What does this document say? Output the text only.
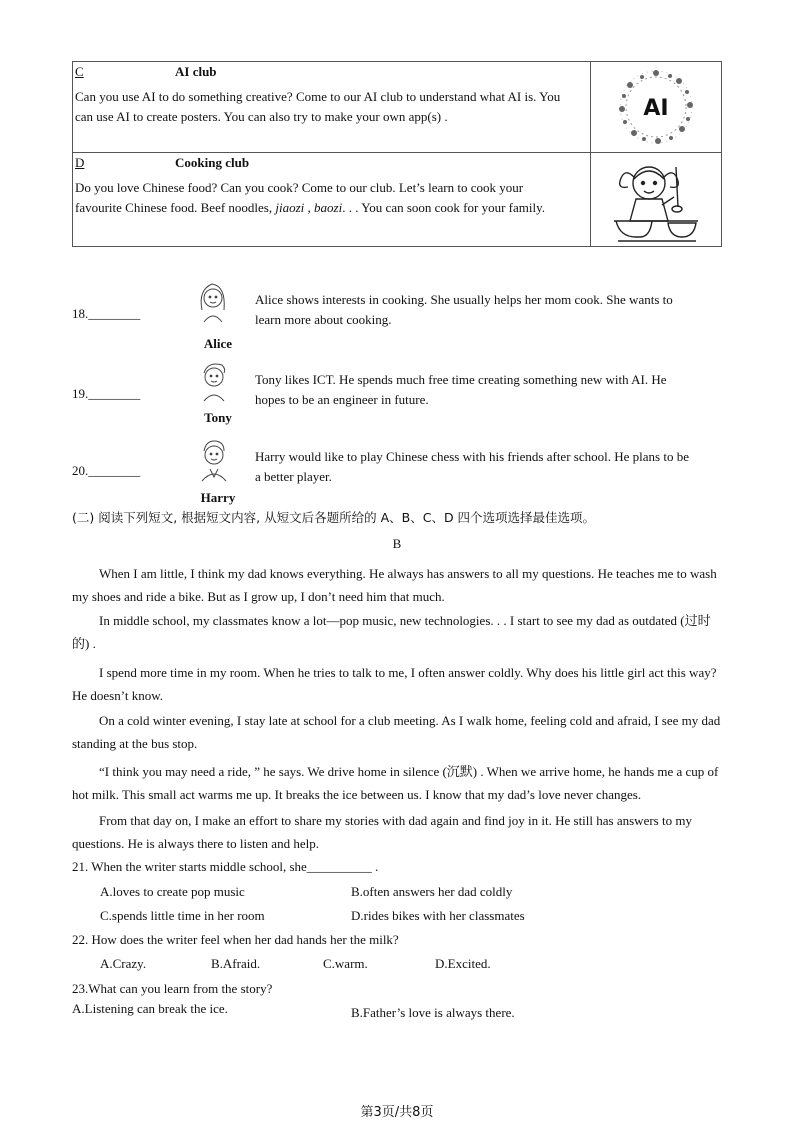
C	AI club
Can you use AI to do something creative? Come to our AI club to understand what AI is. You
can use AI to create posters. You can also try to make your own app(s) .	AI
D	Cooking club
Do you love Chinese food? Can you cook? Come to our club. Let’s learn to cook your
favourite Chinese food. Beef noodles, jiaozi , baozi. . . You can soon cook for your family.
18.________
Alice
Alice shows interests in cooking. She usually helps her mom cook. She wants to
learn more about cooking.
19.________
Tony
Tony likes ICT. He spends much free time creating something new with AI. He
hopes to be an engineer in future.
20.________
Harry
Harry would like to play Chinese chess with his friends after school. He plans to be
a better player.
(二) 阅读下列短文, 根据短文内容, 从短文后各题所给的 A、B、C、D 四个选项选择最佳选项。
B

When I am little, I think my dad knows everything. He always has answers to all my questions. He teaches me to wash my shoes and ride a bike. But as I grow up, I don’t need him that much.

In middle school, my classmates know a lot—pop music, new technologies. . . I start to see my dad as outdated (过时的) .

I spend more time in my room. When he tries to talk to me, I often answer coldly. Why does his little girl act this way? He doesn’t know.

On a cold winter evening, I stay late at school for a club meeting. As I walk home, feeling cold and afraid, I see my dad standing at the bus stop.

“I think you may need a ride, ” he says. We drive home in silence (沉默) . When we arrive home, he hands me a cup of hot milk. This small act warms me up. It breaks the ice between us. I know that my dad’s love never changes.

From that day on, I make an effort to share my stories with dad again and find joy in it. He still has answers to my questions. He is always there to listen and help.

21. When the writer starts middle school, she__________ .
A.loves to create pop music	B.often answers her dad coldly
C.spends little time in her room	D.rides bikes with her classmates
22. How does the writer feel when her dad hands her the milk?
A.Crazy.	B.Afraid.	C.warm.	D.Excited.
23.What can you learn from the story?
A.Listening can break the ice.	B.Father’s love is always there.
第3页/共8页
